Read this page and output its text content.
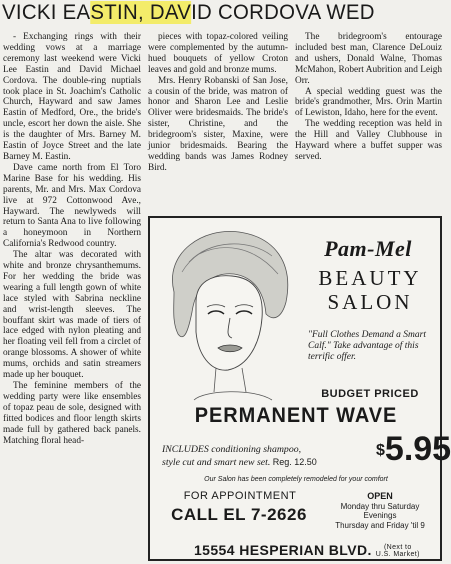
VICKI EASTIN, DAVID CORDOVA WED

- Exchanging rings with their wedding vows at a marriage ceremony last weekend were Vicki Lee Eastin and David Michael Cordova. The double-ring nuptials took place in St. Joachim's Catholic Church, Hayward and saw James Eastin of Medford, Ore., the bride's uncle, escort her down the aisle. She is the daughter of Mrs. Barney M. Eastin of Joyce Street and the late Barney M. Eastin.

Dave came north from El Toro Marine Base for his wedding. His parents, Mr. and Mrs. Max Cordova live at 972 Cottonwood Ave., Hayward. The newlyweds will return to Santa Ana to live following a honeymoon in Northern California's Redwood country.

The altar was decorated with white and bronze chrysanthemums. For her wedding the bride was wearing a full length gown of white lace styled with Sabrina neckline and wrist-length sleeves. The bouffant skirt was made of tiers of lace edged with nylon pleating and her floating veil fell from a circlet of orange blossoms. A shower of white mums, orchids and satin streamers made up her bouquet.

The feminine members of the wedding party were like ensembles of topaz peau de sole, designed with fitted bodices and floor length skirts made full by gathered back panels. Matching floral head-

pieces with topaz-colored veiling were complemented by the autumn-hued bouquets of yellow Croton leaves and gold and bronze mums.

Mrs. Henry Robanski of San Jose, a cousin of the bride, was matron of honor and Sharon Lee and Leslie Oliver were bridesmaids. The bride's sister, Christine, and the bridegroom's sister, Maxine, were junior bridesmaids. Bearing the wedding bands was James Rodney Bird.

The bridegroom's entourage included best man, Clarence DeLouiz and ushers, Donald Walne, Thomas McMahon, Robert Aubrition and Leigh Orr.

A special wedding guest was the bride's grandmother, Mrs. Orin Martin of Lewiston, Idaho, here for the event.

The wedding reception was held in the Hill and Valley Clubhouse in Hayward where a buffet supper was served.

Pam-Mel
BEAUTY
SALON
"Full Clothes Demand a Smart Calf." Take advantage of this terrific offer.
BUDGET PRICED
PERMANENT WAVE
INCLUDES conditioning shampoo,
style cut and smart new set. Reg. 12.50
$5.95
Our Salon has been completely remodeled for your comfort
FOR APPOINTMENT
CALL EL 7-2626
OPEN
Monday thru Saturday
Evenings
Thursday and Friday 'til 9
15554 HESPERIAN BLVD. (Next to
U.S. Market)
